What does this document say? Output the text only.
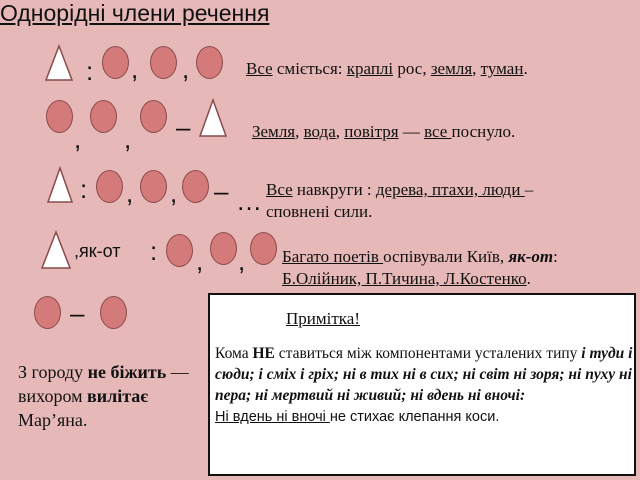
Однорідні члени речення
: , ,	Все сміється: краплі рос, земля, туман.
, , –	Земля, вода, повітря — все поснуло.
: , , – … Все навкруги : дерева, птахи, люди –
сповнені сили.
,як-от : , , Багато поетів оспівували Київ, як-от:
Б.Олійник, П.Тичина, Л.Костенко.
–
З городу не біжить — вихором вилітає Мар’яна.
Примітка!
Кома НЕ ставиться між компонентами усталених типу і туди і сюди; і сміх і гріх; ні в тих ні в сих; ні світ ні зоря; ні пуху ні пера; ні мертвий ні живий; ні вдень ні вночі:
Ні вдень ні вночі не стихає клепання коси.
